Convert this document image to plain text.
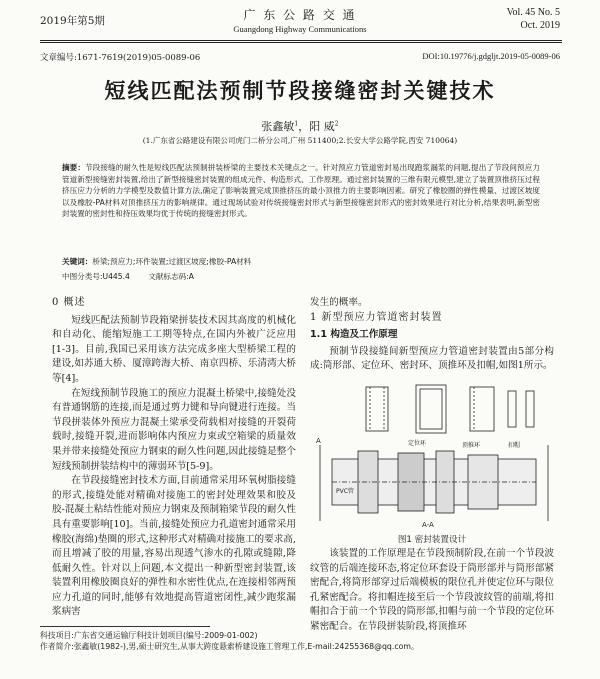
2019年第5期	广 东 公 路 交 通
Guangdong Highway Communications
Vol. 45 No. 5
Oct. 2019
文章编号:1671-7619(2019)05-0089-06	DOI:10.19776/j.gdgljt.2019-05-0089-06
短线匹配法预制节段接缝密封关键技术
张鑫敏$^1$，阳 威$^2$
(1.广东省公路建设有限公司虎门二桥分公司,广州 511400;2.长安大学公路学院,西安 710064)
摘要：节段接缝的耐久性是短线匹配法预制拼装桥梁的主要技术关键点之一。针对预应力管道密封易出现跑浆漏浆的问题,提出了节段间预应力管道新型接缝密封装置,给出了新型接缝密封装置的组成元件、构造形式、工作原理。通过密封装置的三维有限元模型,建立了装置顶推挤压过程挤压应力分析的力学模型及数值计算方法,确定了影响装置完成顶推挤压的最小顶推力的主要影响因素。研究了橡胶圈的弹性模量、过渡区坡度以及橡胶-PA材料对顶推挤压力的影响规律。通过现场试验对传统接缝密封形式与新型接缝密封形式的密封效果进行对比分析,结果表明,新型密封装置的密封性和持压效果均优于传统的接缝密封形式。
关键词：桥梁;预应力;环件装置;过渡区坡度;橡胶-PA材料
中图分类号:U445.4 文献标志码:A
0 概述

短线匹配法预制节段箱梁拼装技术因其高度的机械化和自动化、能缩短施工工期等特点,在国内外被广泛应用[1-3]。目前,我国已采用该方法完成多座大型桥梁工程的建设,如苏通大桥、厦漳跨海大桥、南京四桥、乐清湾大桥等[4]。

在短线预制节段施工的预应力混凝土桥梁中,接缝处没有普通钢筋的连接,而是通过剪力键和导向键进行连接。当节段拼装体外预应力混凝土梁承受荷载相对接缝的开裂荷载时,接缝开裂,进而影响体内预应力束或空箱梁的质量效果并带来接缝处预应力钢束的耐久性问题,因此接缝是整个短线预制拼装结构中的薄弱环节[5-9]。

在节段接缝密封技术方面,目前通常采用环氧树脂接缝的形式,接缝处能对精确对接施工的密封处理效果和胶及胶-混凝土粘结性能对预应力钢束及预制箱梁节段的耐久性具有重要影响[10]。当前,接缝处预应力孔道密封通常采用橡胶(海绵)垫圈的形式,这种形式对精确对接施工的要求高,而且增减了胶的用量,容易出现透气渗水的孔隙或缝隙,降低耐久性。针对以上问题,本文提出一种新型密封装置,该装置利用橡胶圈良好的弹性和水密性优点,在连接相邻两预应力孔道的同时,能够有效地提高管道密闭性,减少跑浆漏浆病害

发生的概率。

1 新型预应力管道密封装置
1.1 构造及工作原理

预制节段接缝间新型预应力管道密封装置由5部分构成:筒形部、定位环、密封环、顶推环及扣帽,如图1所示。

A
PVC管
定位环
A-A
顶推环	扣帽
图1 密封装置设计

该装置的工作原理是在节段预制阶段,在前一个节段波纹管的后端连接环态,将定位环套设于筒形部并与筒形部紧密配合,将筒形部穿过后端模板的限位孔并使定位环与限位孔紧密配合。将扣帽连接至后一个节段波纹管的前端,将扣帽扣合于前一个节段的筒形部,扣帽与前一个节段的定位环紧密配合。在节段拼装阶段,将顶推环

科技项目:广东省交通运输厅科技计划项目(编号:2009-01-002)
作者简介:张鑫敏(1982-),男,硕士研究生,从事大跨度悬索桥建设施工管理工作,E-mail:24255368@qq.com。
